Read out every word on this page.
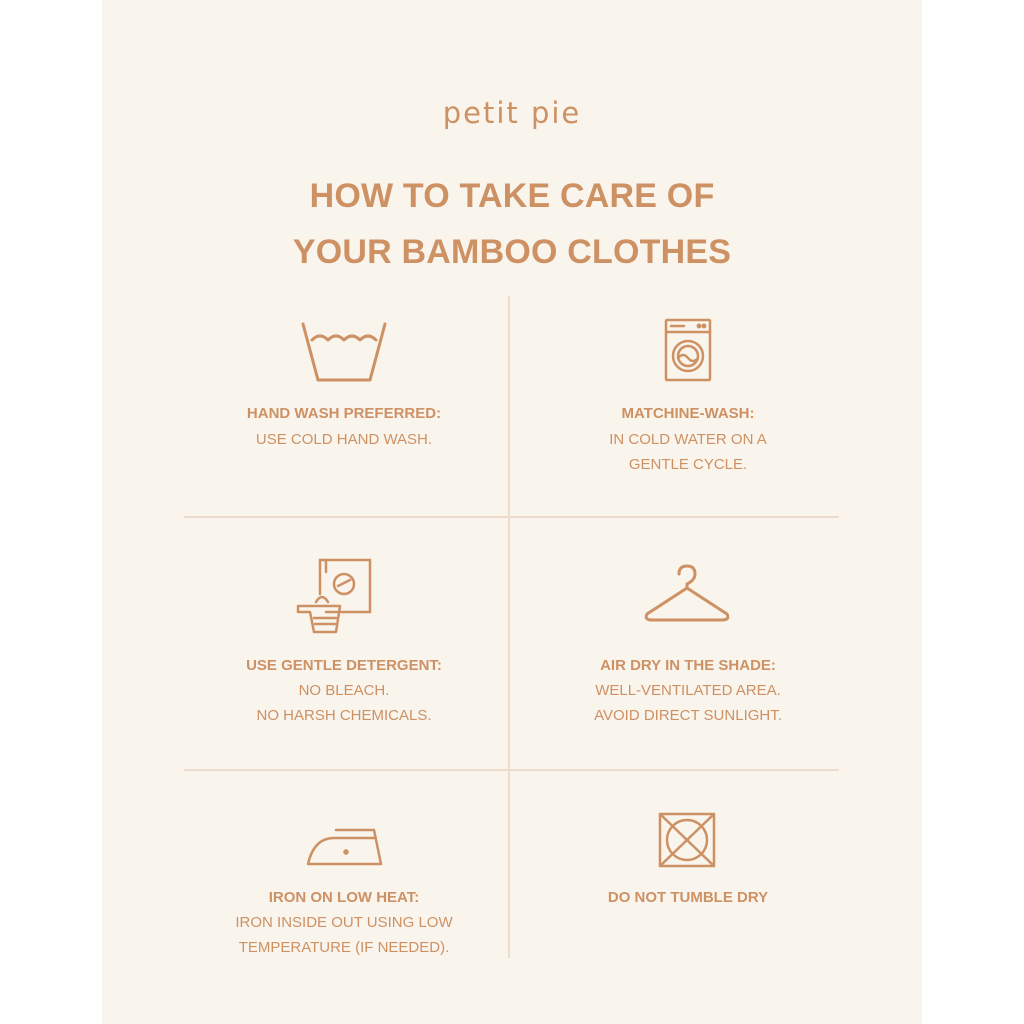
petit pie
HOW TO TAKE CARE OF
YOUR BAMBOO CLOTHES
HAND WASH PREFERRED:
USE COLD HAND WASH.
MATCHINE-WASH:
IN COLD WATER ON A
GENTLE CYCLE.
USE GENTLE DETERGENT:
NO BLEACH.
NO HARSH CHEMICALS.
AIR DRY IN THE SHADE:
WELL-VENTILATED AREA.
AVOID DIRECT SUNLIGHT.
IRON ON LOW HEAT:
IRON INSIDE OUT USING LOW
TEMPERATURE (IF NEEDED).
DO NOT TUMBLE DRY
